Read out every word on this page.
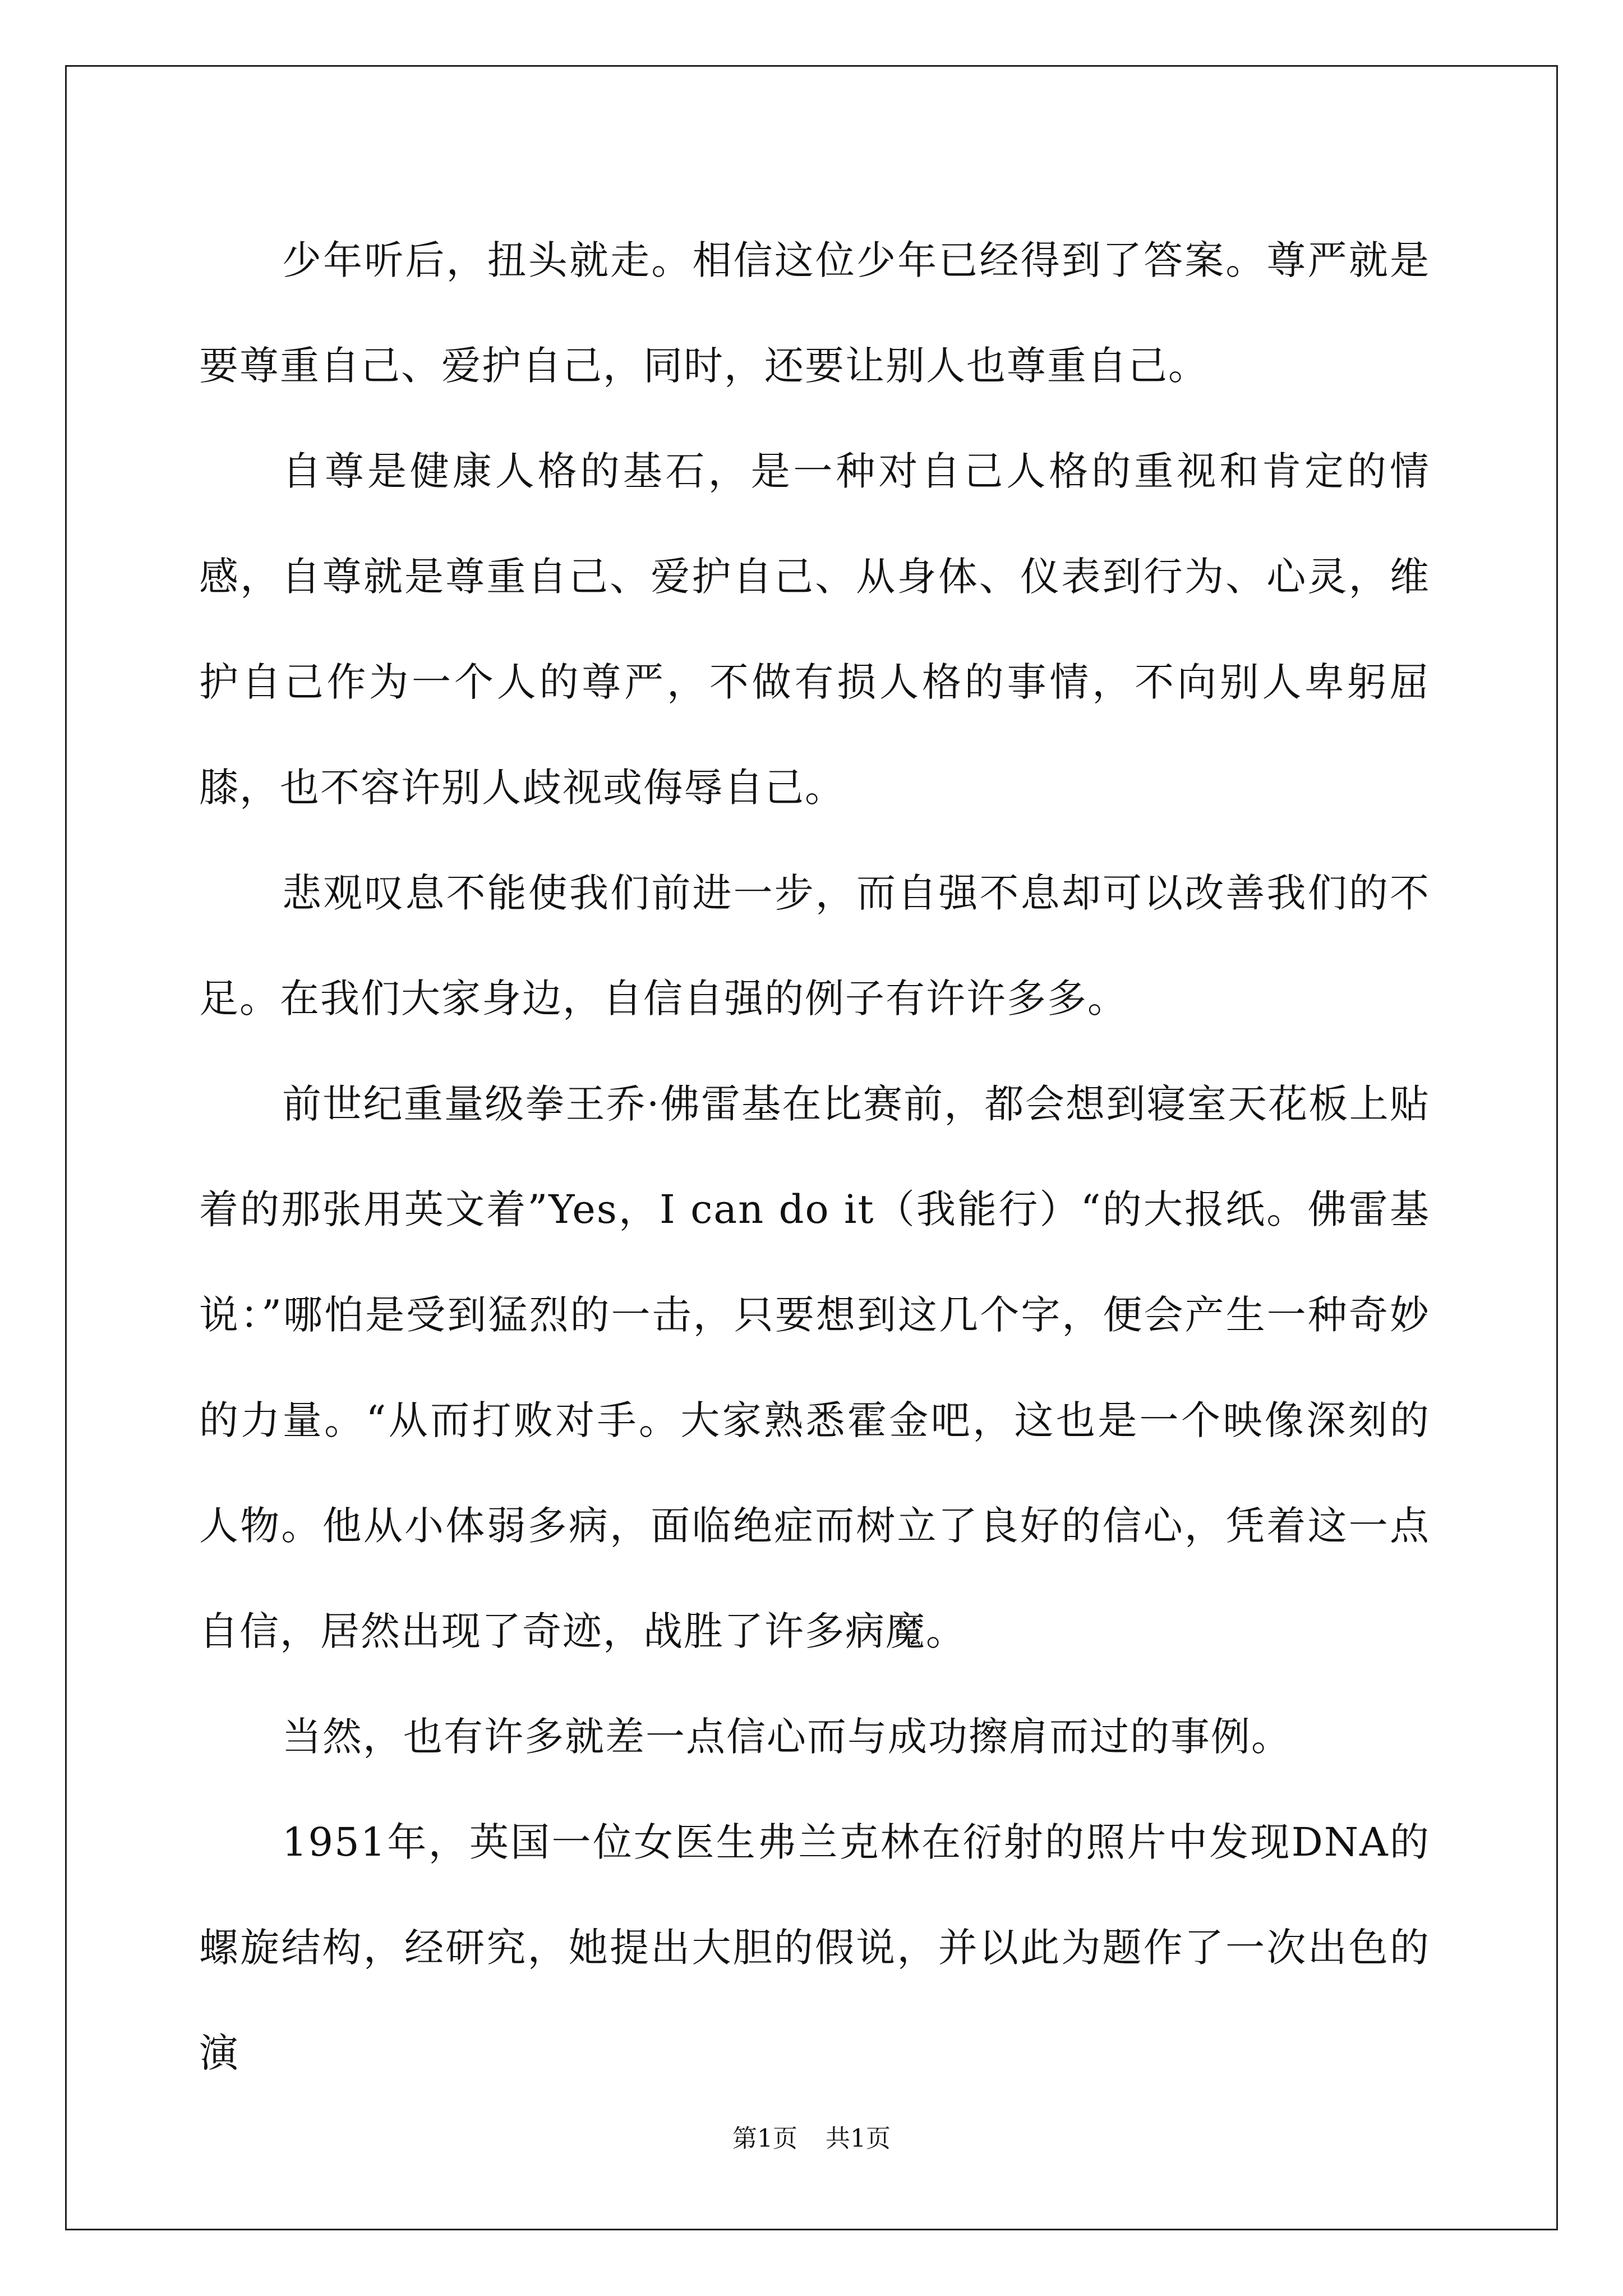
少年听后，扭头就走。相信这位少年已经得到了答案。尊严就是要尊重自己、爱护自己，同时，还要让别人也尊重自己。

自尊是健康人格的基石，是一种对自己人格的重视和肯定的情感，自尊就是尊重自己、爱护自己、从身体、仪表到行为、心灵，维护自己作为一个人的尊严，不做有损人格的事情，不向别人卑躬屈膝，也不容许别人歧视或侮辱自己。

悲观叹息不能使我们前进一步，而自强不息却可以改善我们的不足。在我们大家身边，自信自强的例子有许许多多。

前世纪重量级拳王乔·佛雷基在比赛前，都会想到寝室天花板上贴着的那张用英文着”Yes，I can do it（我能行）“的大报纸。佛雷基说：”哪怕是受到猛烈的一击，只要想到这几个字，便会产生一种奇妙的力量。“从而打败对手。大家熟悉霍金吧，这也是一个映像深刻的人物。他从小体弱多病，面临绝症而树立了良好的信心，凭着这一点自信，居然出现了奇迹，战胜了许多病魔。

当然，也有许多就差一点信心而与成功擦肩而过的事例。

1951年，英国一位女医生弗兰克林在衍射的照片中发现DNA的螺旋结构，经研究，她提出大胆的假说，并以此为题作了一次出色的演

第1页 共1页
